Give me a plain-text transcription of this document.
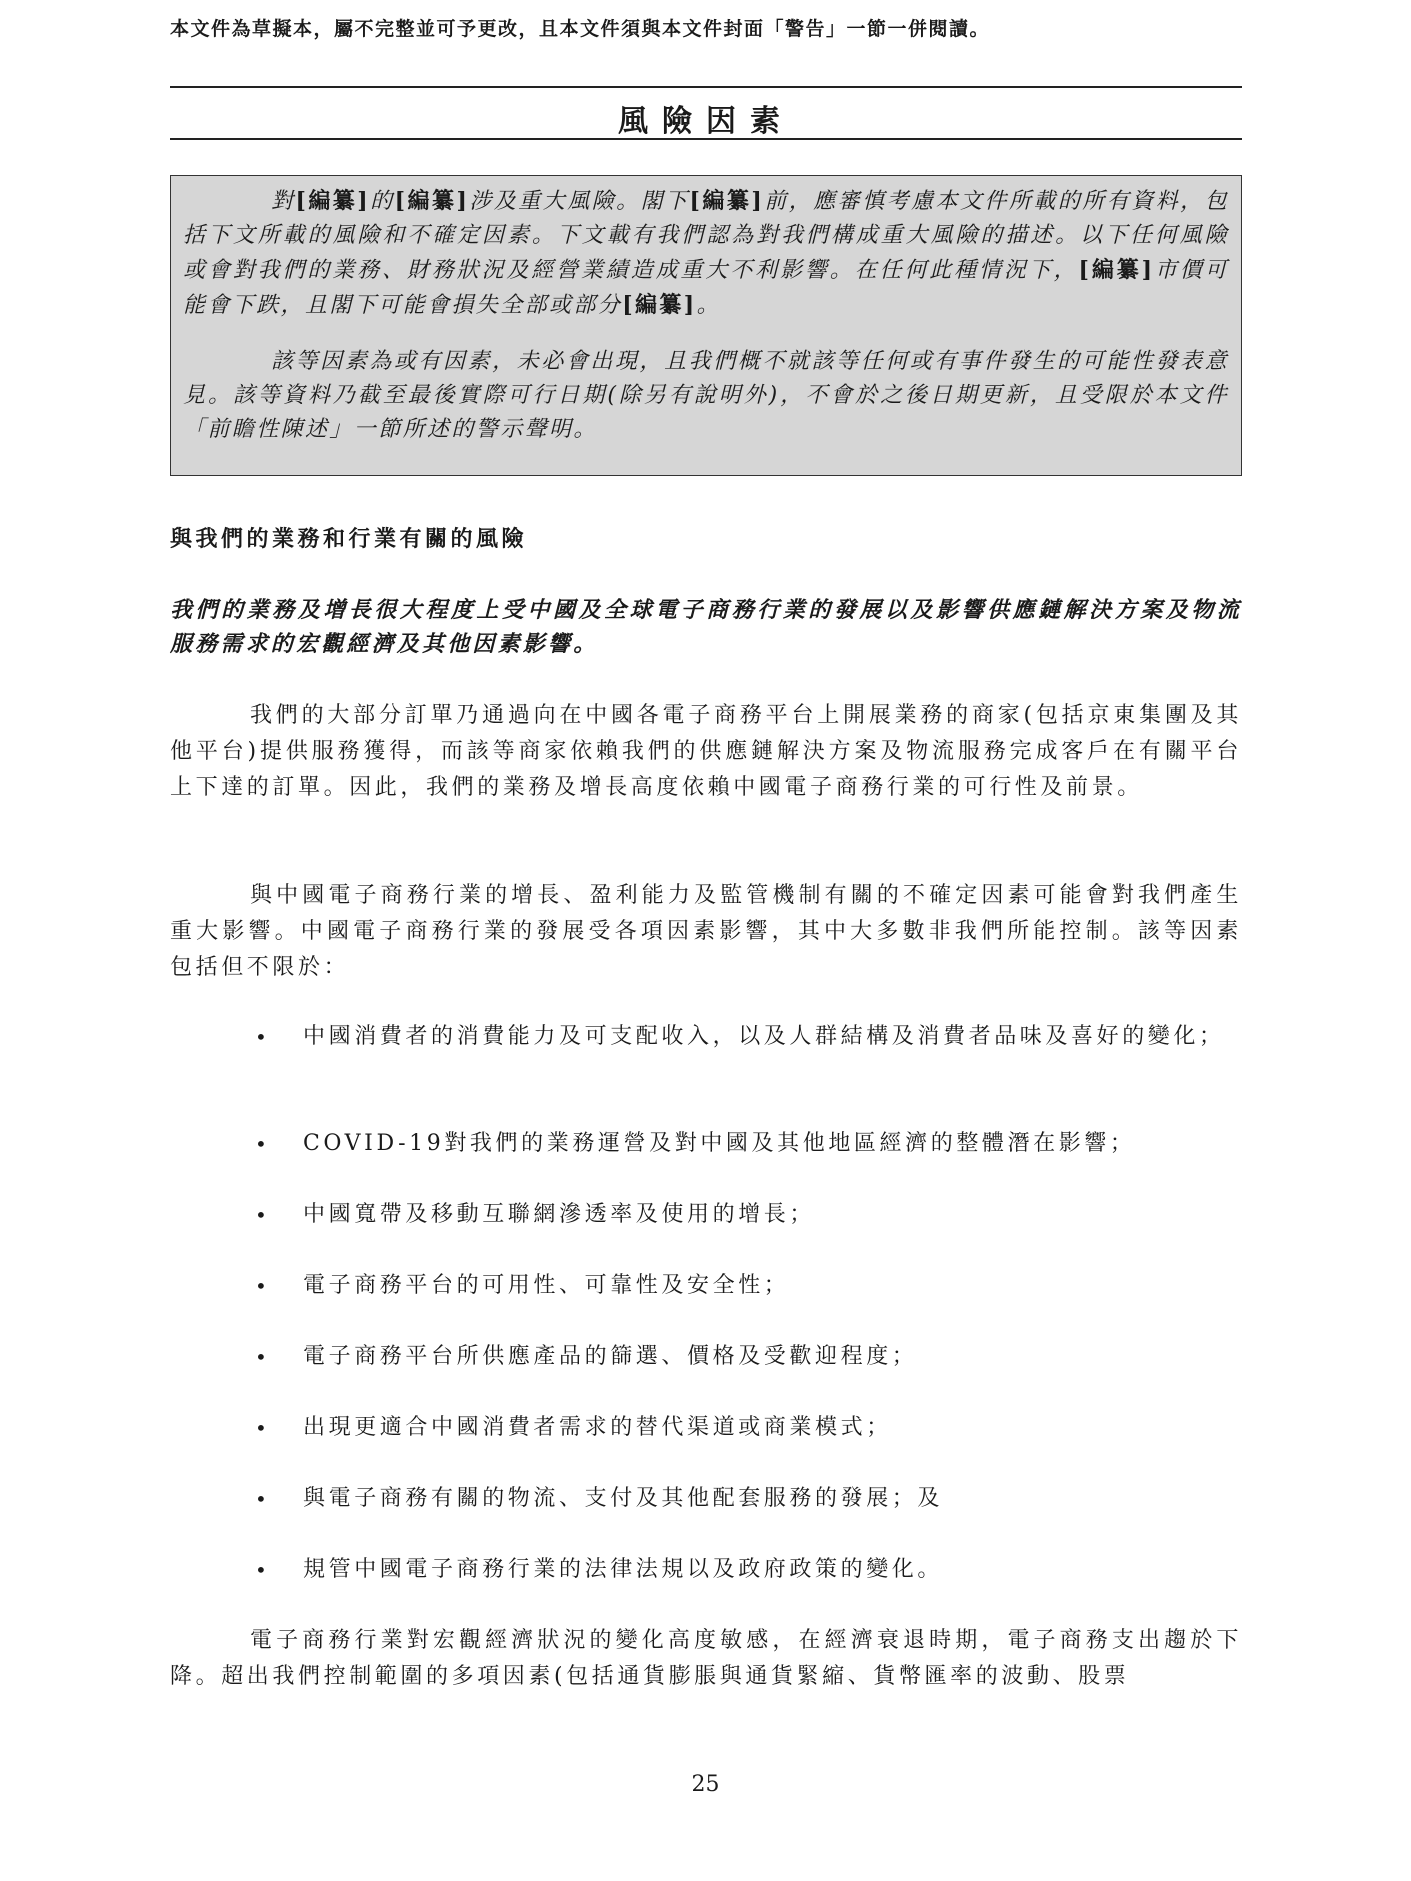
本文件為草擬本，屬不完整並可予更改，且本文件須與本文件封面「警告」一節一併閱讀。
風險因素

對[編纂]的[編纂]涉及重大風險。閣下[編纂]前，應審慎考慮本文件所載的所有資料，包括下文所載的風險和不確定因素。下文載有我們認為對我們構成重大風險的描述。以下任何風險或會對我們的業務、財務狀況及經營業績造成重大不利影響。在任何此種情況下，[編纂]市價可能會下跌，且閣下可能會損失全部或部分[編纂]。

該等因素為或有因素，未必會出現，且我們概不就該等任何或有事件發生的可能性發表意見。該等資料乃截至最後實際可行日期(除另有說明外)，不會於之後日期更新，且受限於本文件「前瞻性陳述」一節所述的警示聲明。

與我們的業務和行業有關的風險
我們的業務及增長很大程度上受中國及全球電子商務行業的發展以及影響供應鏈解決方案及物流服務需求的宏觀經濟及其他因素影響。

我們的大部分訂單乃通過向在中國各電子商務平台上開展業務的商家(包括京東集團及其他平台)提供服務獲得，而該等商家依賴我們的供應鏈解決方案及物流服務完成客戶在有關平台上下達的訂單。因此，我們的業務及增長高度依賴中國電子商務行業的可行性及前景。

與中國電子商務行業的增長、盈利能力及監管機制有關的不確定因素可能會對我們產生重大影響。中國電子商務行業的發展受各項因素影響，其中大多數非我們所能控制。該等因素包括但不限於：

• 中國消費者的消費能力及可支配收入，以及人群結構及消費者品味及喜好的變化；
• COVID-19對我們的業務運營及對中國及其他地區經濟的整體潛在影響；
• 中國寬帶及移動互聯網滲透率及使用的增長；
• 電子商務平台的可用性、可靠性及安全性；
• 電子商務平台所供應產品的篩選、價格及受歡迎程度；
• 出現更適合中國消費者需求的替代渠道或商業模式；
• 與電子商務有關的物流、支付及其他配套服務的發展；及
• 規管中國電子商務行業的法律法規以及政府政策的變化。

電子商務行業對宏觀經濟狀況的變化高度敏感，在經濟衰退時期，電子商務支出趨於下降。超出我們控制範圍的多項因素(包括通貨膨脹與通貨緊縮、貨幣匯率的波動、股票

25
